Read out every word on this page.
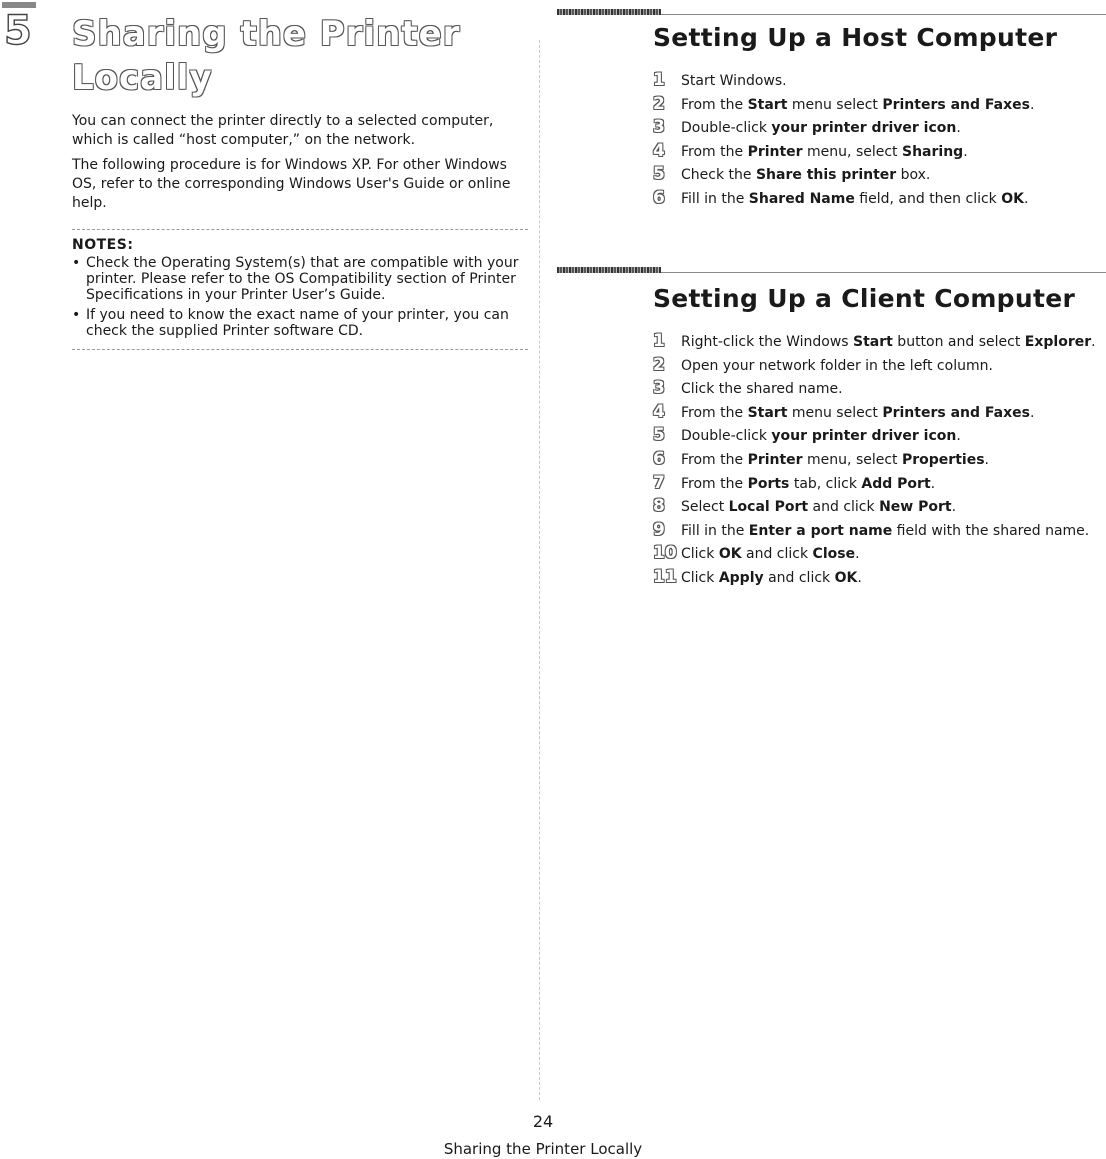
5 Sharing the Printer Locally

You can connect the printer directly to a selected computer, which is called “host computer,” on the network.

The following procedure is for Windows XP. For other Windows OS, refer to the corresponding Windows User's Guide or online help.

NOTES:
• Check the Operating System(s) that are compatible with your printer. Please refer to the OS Compatibility section of Printer Specifications in your Printer User’s Guide.
• If you need to know the exact name of your printer, you can check the supplied Printer software CD.
Setting Up a Host Computer
1 Start Windows.
2 From the Start menu select Printers and Faxes.
3 Double-click your printer driver icon.
4 From the Printer menu, select Sharing.
5 Check the Share this printer box.
6 Fill in the Shared Name field, and then click OK.
Setting Up a Client Computer
1 Right-click the Windows Start button and select Explorer.
2 Open your network folder in the left column.
3 Click the shared name.
4 From the Start menu select Printers and Faxes.
5 Double-click your printer driver icon.
6 From the Printer menu, select Properties.
7 From the Ports tab, click Add Port.
8 Select Local Port and click New Port.
9 Fill in the Enter a port name field with the shared name.
10 Click OK and click Close.
11 Click Apply and click OK.
24
Sharing the Printer Locally
